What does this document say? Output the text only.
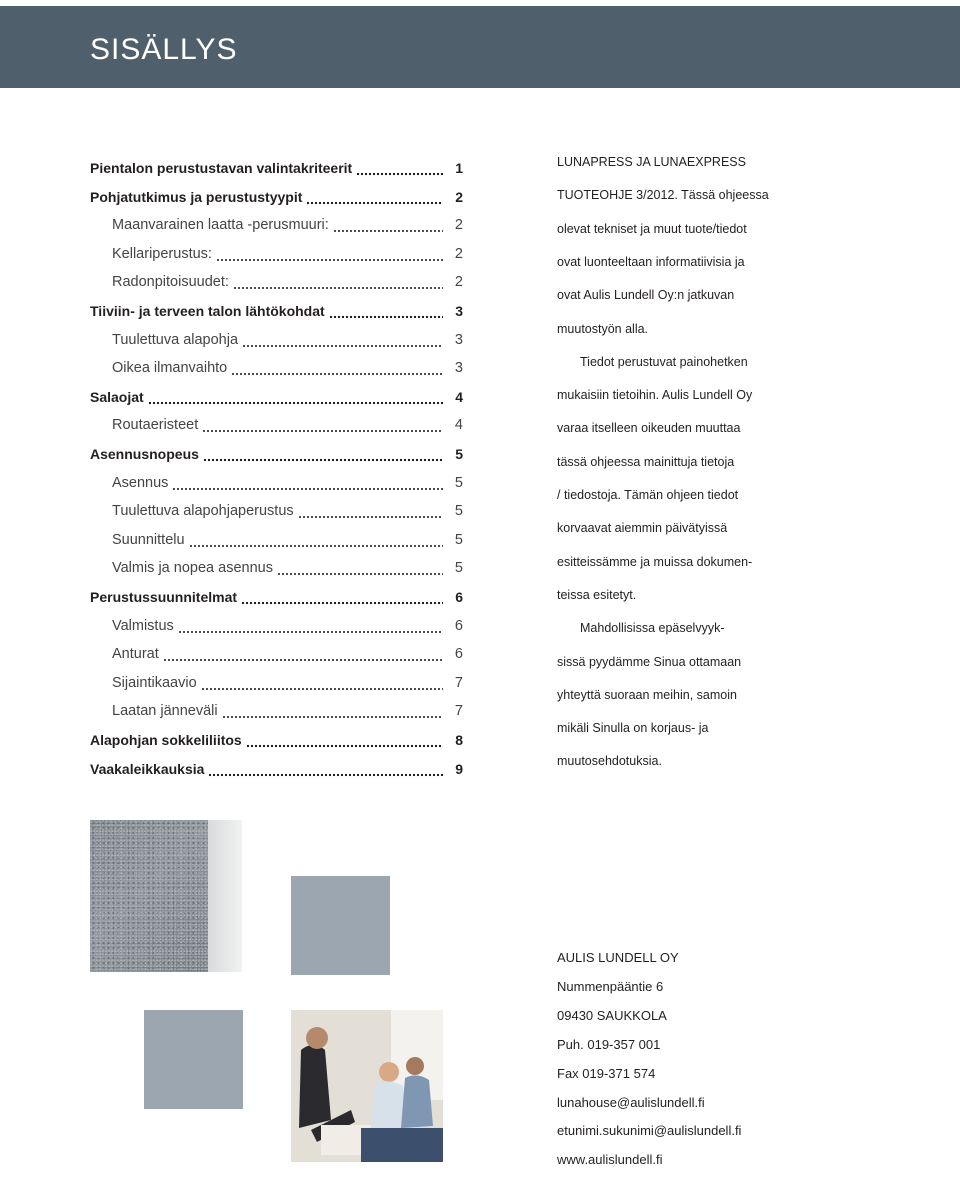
SISÄLLYS
Pientalon perustustavan valintakriteerit	1
Pohjatutkimus ja perustustyypit	2
Maanvarainen laatta -perusmuuri:	2
Kellariperustus:	2
Radonpitoisuudet:	2
Tiiviin- ja terveen talon lähtökohdat	3
Tuulettuva alapohja	3
Oikea ilmanvaihto	3
Salaojat	4
Routaeristeet	4
Asennusnopeus	5
Asennus	5
Tuulettuva alapohjaperustus	5
Suunnittelu	5
Valmis ja nopea asennus	5
Perustussuunnitelmat	6
Valmistus	6
Anturat	6
Sijaintikaavio	7
Laatan jänneväli	7
Alapohjan sokkeliliitos	8
Vaakaleikkauksia	9
LUNAPRESS JA LUNAEXPRESS
TUOTEOHJE 3/2012. Tässä ohjeessa
olevat tekniset ja muut tuote/tiedot
ovat luonteeltaan informatiivisia ja
ovat Aulis Lundell Oy:n jatkuvan
muutostyön alla.
Tiedot perustuvat painohetken
mukaisiin tietoihin. Aulis Lundell Oy
varaa itselleen oikeuden muuttaa
tässä ohjeessa mainittuja tietoja
/ tiedostoja. Tämän ohjeen tiedot
korvaavat aiemmin päivätyissä
esitteissämme ja muissa dokumen-
teissa esitetyt.
Mahdollisissa epäselvyyk-
sissä pyydämme Sinua ottamaan
yhteyttä suoraan meihin, samoin
mikäli Sinulla on korjaus- ja
muutosehdotuksia.
AULIS LUNDELL OY
Nummenpääntie 6
09430 SAUKKOLA
Puh. 019-357 001
Fax 019-371 574
lunahouse@aulislundell.fi
etunimi.sukunimi@aulislundell.fi
www.aulislundell.fi
